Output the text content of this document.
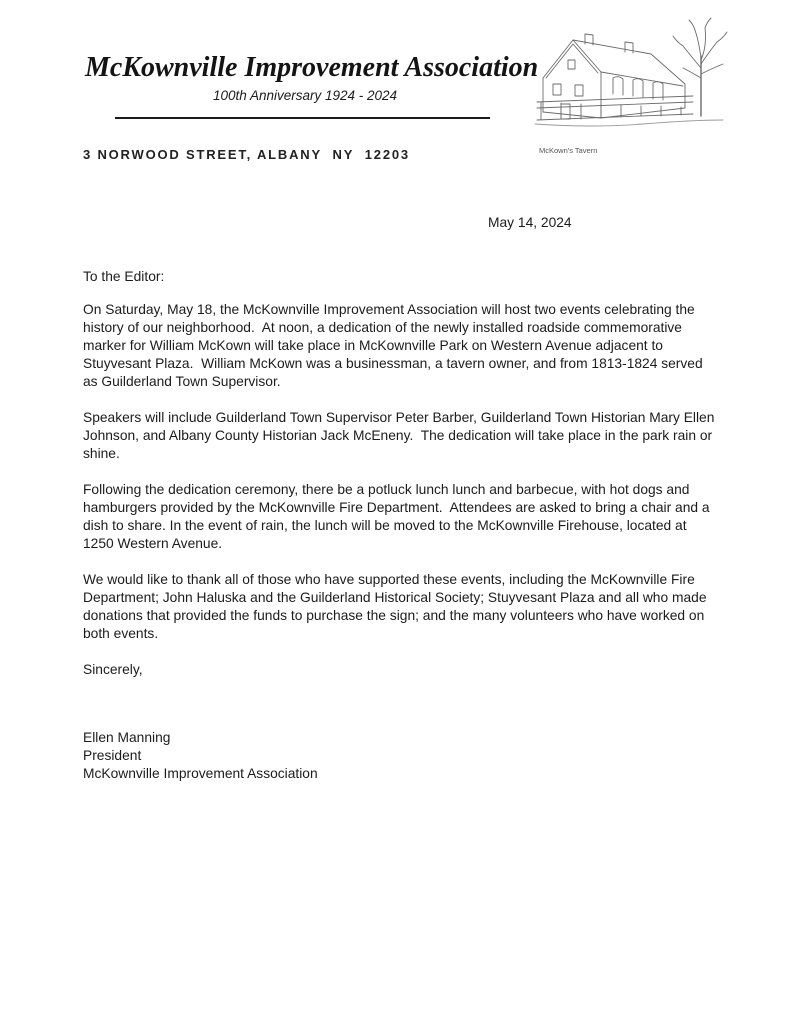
McKownville Improvement Association
100th Anniversary 1924 - 2024
3 NORWOOD STREET, ALBANY  NY  12203	McKown's Tavern

May 14, 2024

To the Editor:

On Saturday, May 18, the McKownville Improvement Association will host two events celebrating the history of our neighborhood.  At noon, a dedication of the newly installed roadside commemorative marker for William McKown will take place in McKownville Park on Western Avenue adjacent to Stuyvesant Plaza.  William McKown was a businessman, a tavern owner, and from 1813-1824 served as Guilderland Town Supervisor.

Speakers will include Guilderland Town Supervisor Peter Barber, Guilderland Town Historian Mary Ellen Johnson, and Albany County Historian Jack McEneny.  The dedication will take place in the park rain or shine.

Following the dedication ceremony, there be a potluck lunch lunch and barbecue, with hot dogs and hamburgers provided by the McKownville Fire Department.  Attendees are asked to bring a chair and a dish to share. In the event of rain, the lunch will be moved to the McKownville Firehouse, located at 1250 Western Avenue.

We would like to thank all of those who have supported these events, including the McKownville Fire Department; John Haluska and the Guilderland Historical Society; Stuyvesant Plaza and all who made donations that provided the funds to purchase the sign; and the many volunteers who have worked on both events.

Sincerely,

Ellen Manning

President

McKownville Improvement Association
